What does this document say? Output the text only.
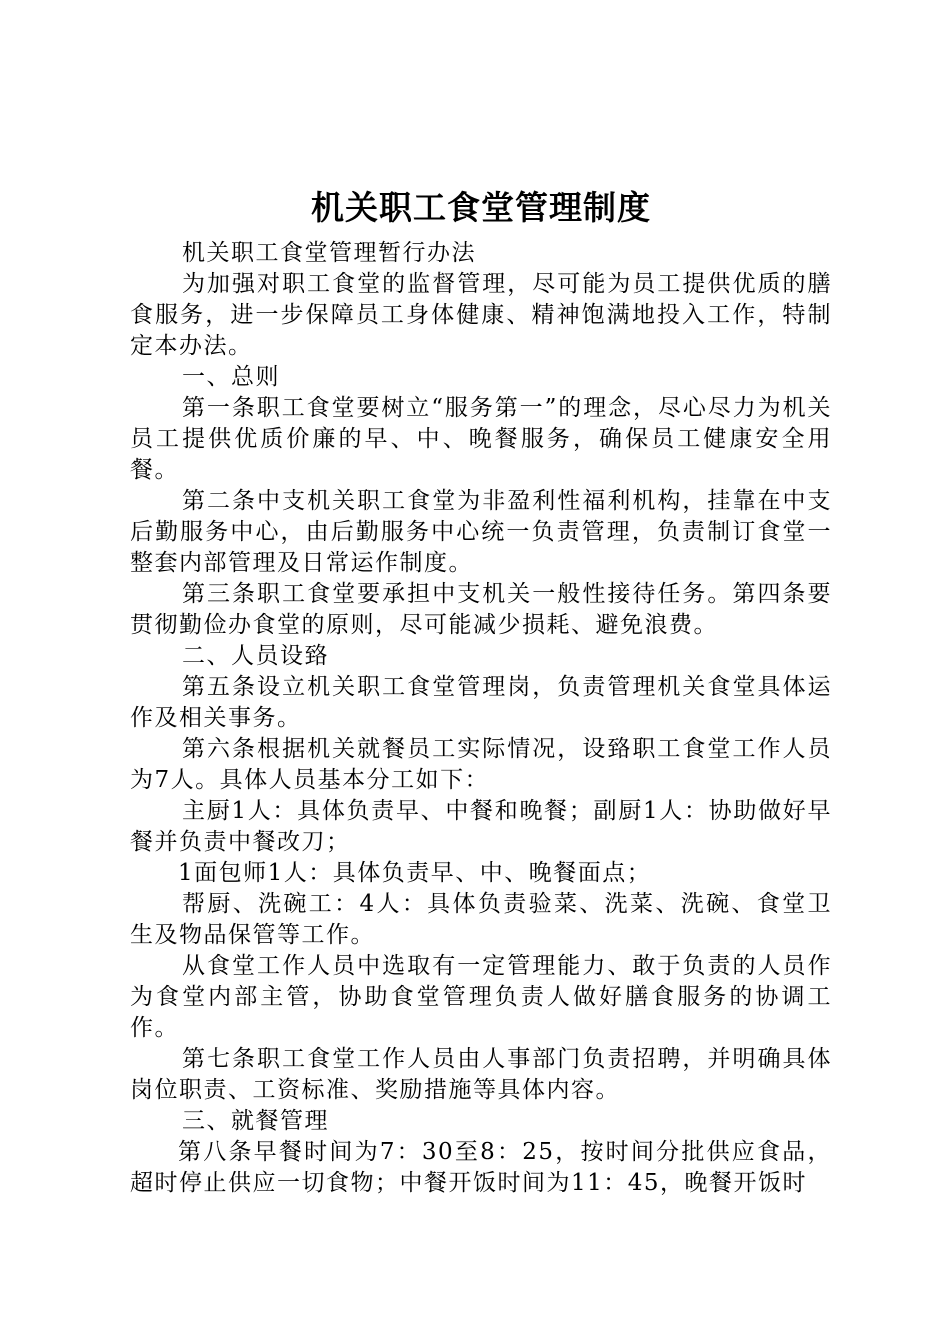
机关职工食堂管理制度

机关职工食堂管理暂行办法

为加强对职工食堂的监督管理，尽可能为员工提供优质的膳食服务，进一步保障员工身体健康、精神饱满地投入工作，特制定本办法。

一、总则

第一条职工食堂要树立“服务第一”的理念，尽心尽力为机关员工提供优质价廉的早、中、晚餐服务，确保员工健康安全用餐。

第二条中支机关职工食堂为非盈利性福利机构，挂靠在中支后勤服务中心，由后勤服务中心统一负责管理，负责制订食堂一整套内部管理及日常运作制度。

第三条职工食堂要承担中支机关一般性接待任务。第四条要贯彻勤俭办食堂的原则，尽可能减少损耗、避免浪费。

二、人员设臵

第五条设立机关职工食堂管理岗，负责管理机关食堂具体运作及相关事务。

第六条根据机关就餐员工实际情况，设臵职工食堂工作人员为7人。具体人员基本分工如下：

主厨1人：具体负责早、中餐和晚餐；副厨1人：协助做好早餐并负责中餐改刀；

1面包师1人：具体负责早、中、晚餐面点；

帮厨、洗碗工：4人：具体负责验菜、洗菜、洗碗、食堂卫生及物品保管等工作。

从食堂工作人员中选取有一定管理能力、敢于负责的人员作为食堂内部主管，协助食堂管理负责人做好膳食服务的协调工作。

第七条职工食堂工作人员由人事部门负责招聘，并明确具体岗位职责、工资标准、奖励措施等具体内容。

三、就餐管理

第八条早餐时间为7：30至8：25，按时间分批供应食品，超时停止供应一切食物；中餐开饭时间为11：45，晚餐开饭时
